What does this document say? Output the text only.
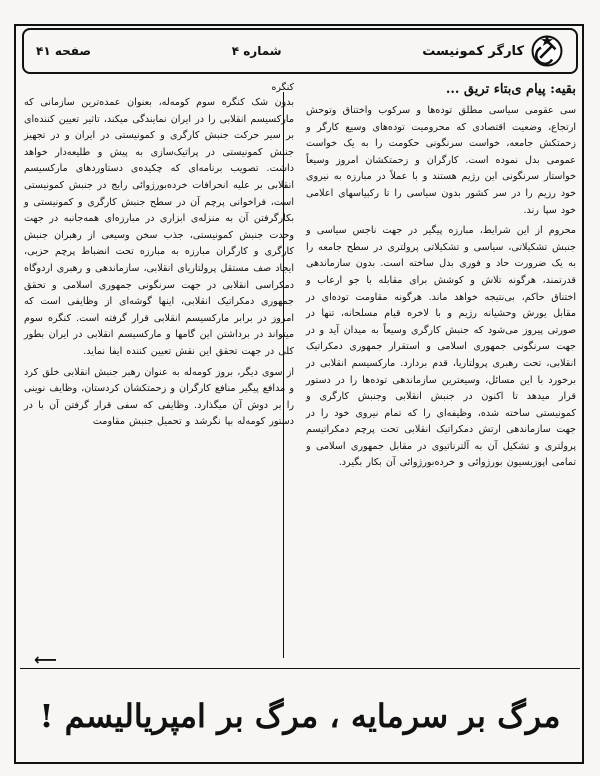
کارگر کمونیست
شماره ۴
صفحه ۴۱
بقیه: پیام ی‌‌بتاء تریق ...

سی عقومی سیاسی مطلق توده‌ها و سرکوب واختناق وتوحش ارتجاع، وضعیت اقتصادی که محرومیت توده‌های وسیع کارگر و زحمتکش جامعه، خواست سرنگونی حکومت را به یک خواست عمومی بدل نموده است. کارگران و زحمتکشان امروز وسیعاً خواستار سرنگونی این رژیم هستند و با عملاً در مبارزه به نیروی خود رزیم را در سر کشور بدون سیاسی را تا رکبیاسهای اعلامی خود سپا رند.

محروم از این شرایط، مبارزه پیگیر در جهت ناجس سیاسی و جنبش تشکیلاتی، سیاسی و تشکیلاتی پرولتری در سطح جامعه را به یک ضرورت حاد و فوری بدل ساخته است. بدون سازماندهی قدرتمند، هرگونه تلاش و کوشش برای مقابله با جو ارعاب و اختناق حاکم، بی‌نتیجه خواهد ماند. هرگونه مقاومت توده‌ای در مقابل یورش وحشیانه رژیم و با لاخره قیام مسلحانه، تنها در صورتی پیروز می‌شود که جنبش کارگری وسیعاً به میدان آید و در جهت سرنگونی جمهوری اسلامی و استقرار جمهوری دمکراتیک انقلابی، تحت رهبری پرولتاریا، قدم بردارد. مارکسیسم انقلابی در برخورد با این مسائل، وسیعترین سازماندهی توده‌ها را در دستور قرار میدهد تا اکنون در جنبش انقلابی وجنبش کارگری و کمونیستی ساخته شده، وظیفه‌ای را که تمام نیروی خود را در جهت سازماندهی ارتش دمکراتیک انقلابی تحت پرچم دمکراتیسم پرولتری و تشکیل آن به آلترناتیوی در مقابل جمهوری اسلامی و تمامی اپوزیسیون بورژوائی و خرده‌بورژوائی آن بکار بگیرد.

کنگره

بدون شک کنگره سوم کومه‌له، بعنوان عمده‌ترین سازمانی که مارکسیسم انقلابی را در ایران نمایندگی میکند، تاثیر تعیین کننده‌ای بر سیر حرکت جنبش کارگری و کمونیستی در ایران و در تجهیز جنبش کمونیستی در پراتیک‌سازی به پیش و طلیعه‌دار خواهد داشت. تصویب برنامه‌ای که چکیده‌ی دستاوردهای مارکسیسم انقلابی بر علیه انحرافات خرده‌بورژوائی رایج در جنبش کمونیستی است، فراخوانی پرچم آن در سطح جنبش کارگری و کمونیستی و بکارگرفتن آن به منزله‌ی ابزاری در مبارزه‌ای همه‌جانبه در جهت وحدت جنبش کمونیستی، جذب سخن وسیعی از رهبران جنبش کارگری و کارگران مبارزه به مبارزه تحت انضباط پرچم حزبی، ایجاد صف مستقل پرولتاریای انقلابی، سازماندهی و رهبری اردوگاه دمکراسی انقلابی در جهت سرنگونی جمهوری اسلامی و تحقق جمهوری دمکراتیک انقلابی، اینها گوشه‌ای از وظایفی است که امروز در برابر مارکسیسم انقلابی قرار گرفته است. کنگره سوم میتواند در برداشتن این گامها و مارکسیسم انقلابی در ایران بطور کلی در جهت تحقق این نقش تعیین کننده ایفا نماید.

از سوی دیگر، بروز کومه‌له به عنوان رهبر جنبش انقلابی خلق کرد و مدافع پیگیر منافع کارگران و زحمتکشان کردستان، وظایف نوینی را بر دوش آن میگذارد. وظایفی که سفی قرار گرفتن آن با در دستور کومه‌له بپا نگرشد و تحمیل جنبش مقاومت

⟵
مرگ بر سرمایه ، مرگ بر امپریالیسم !
